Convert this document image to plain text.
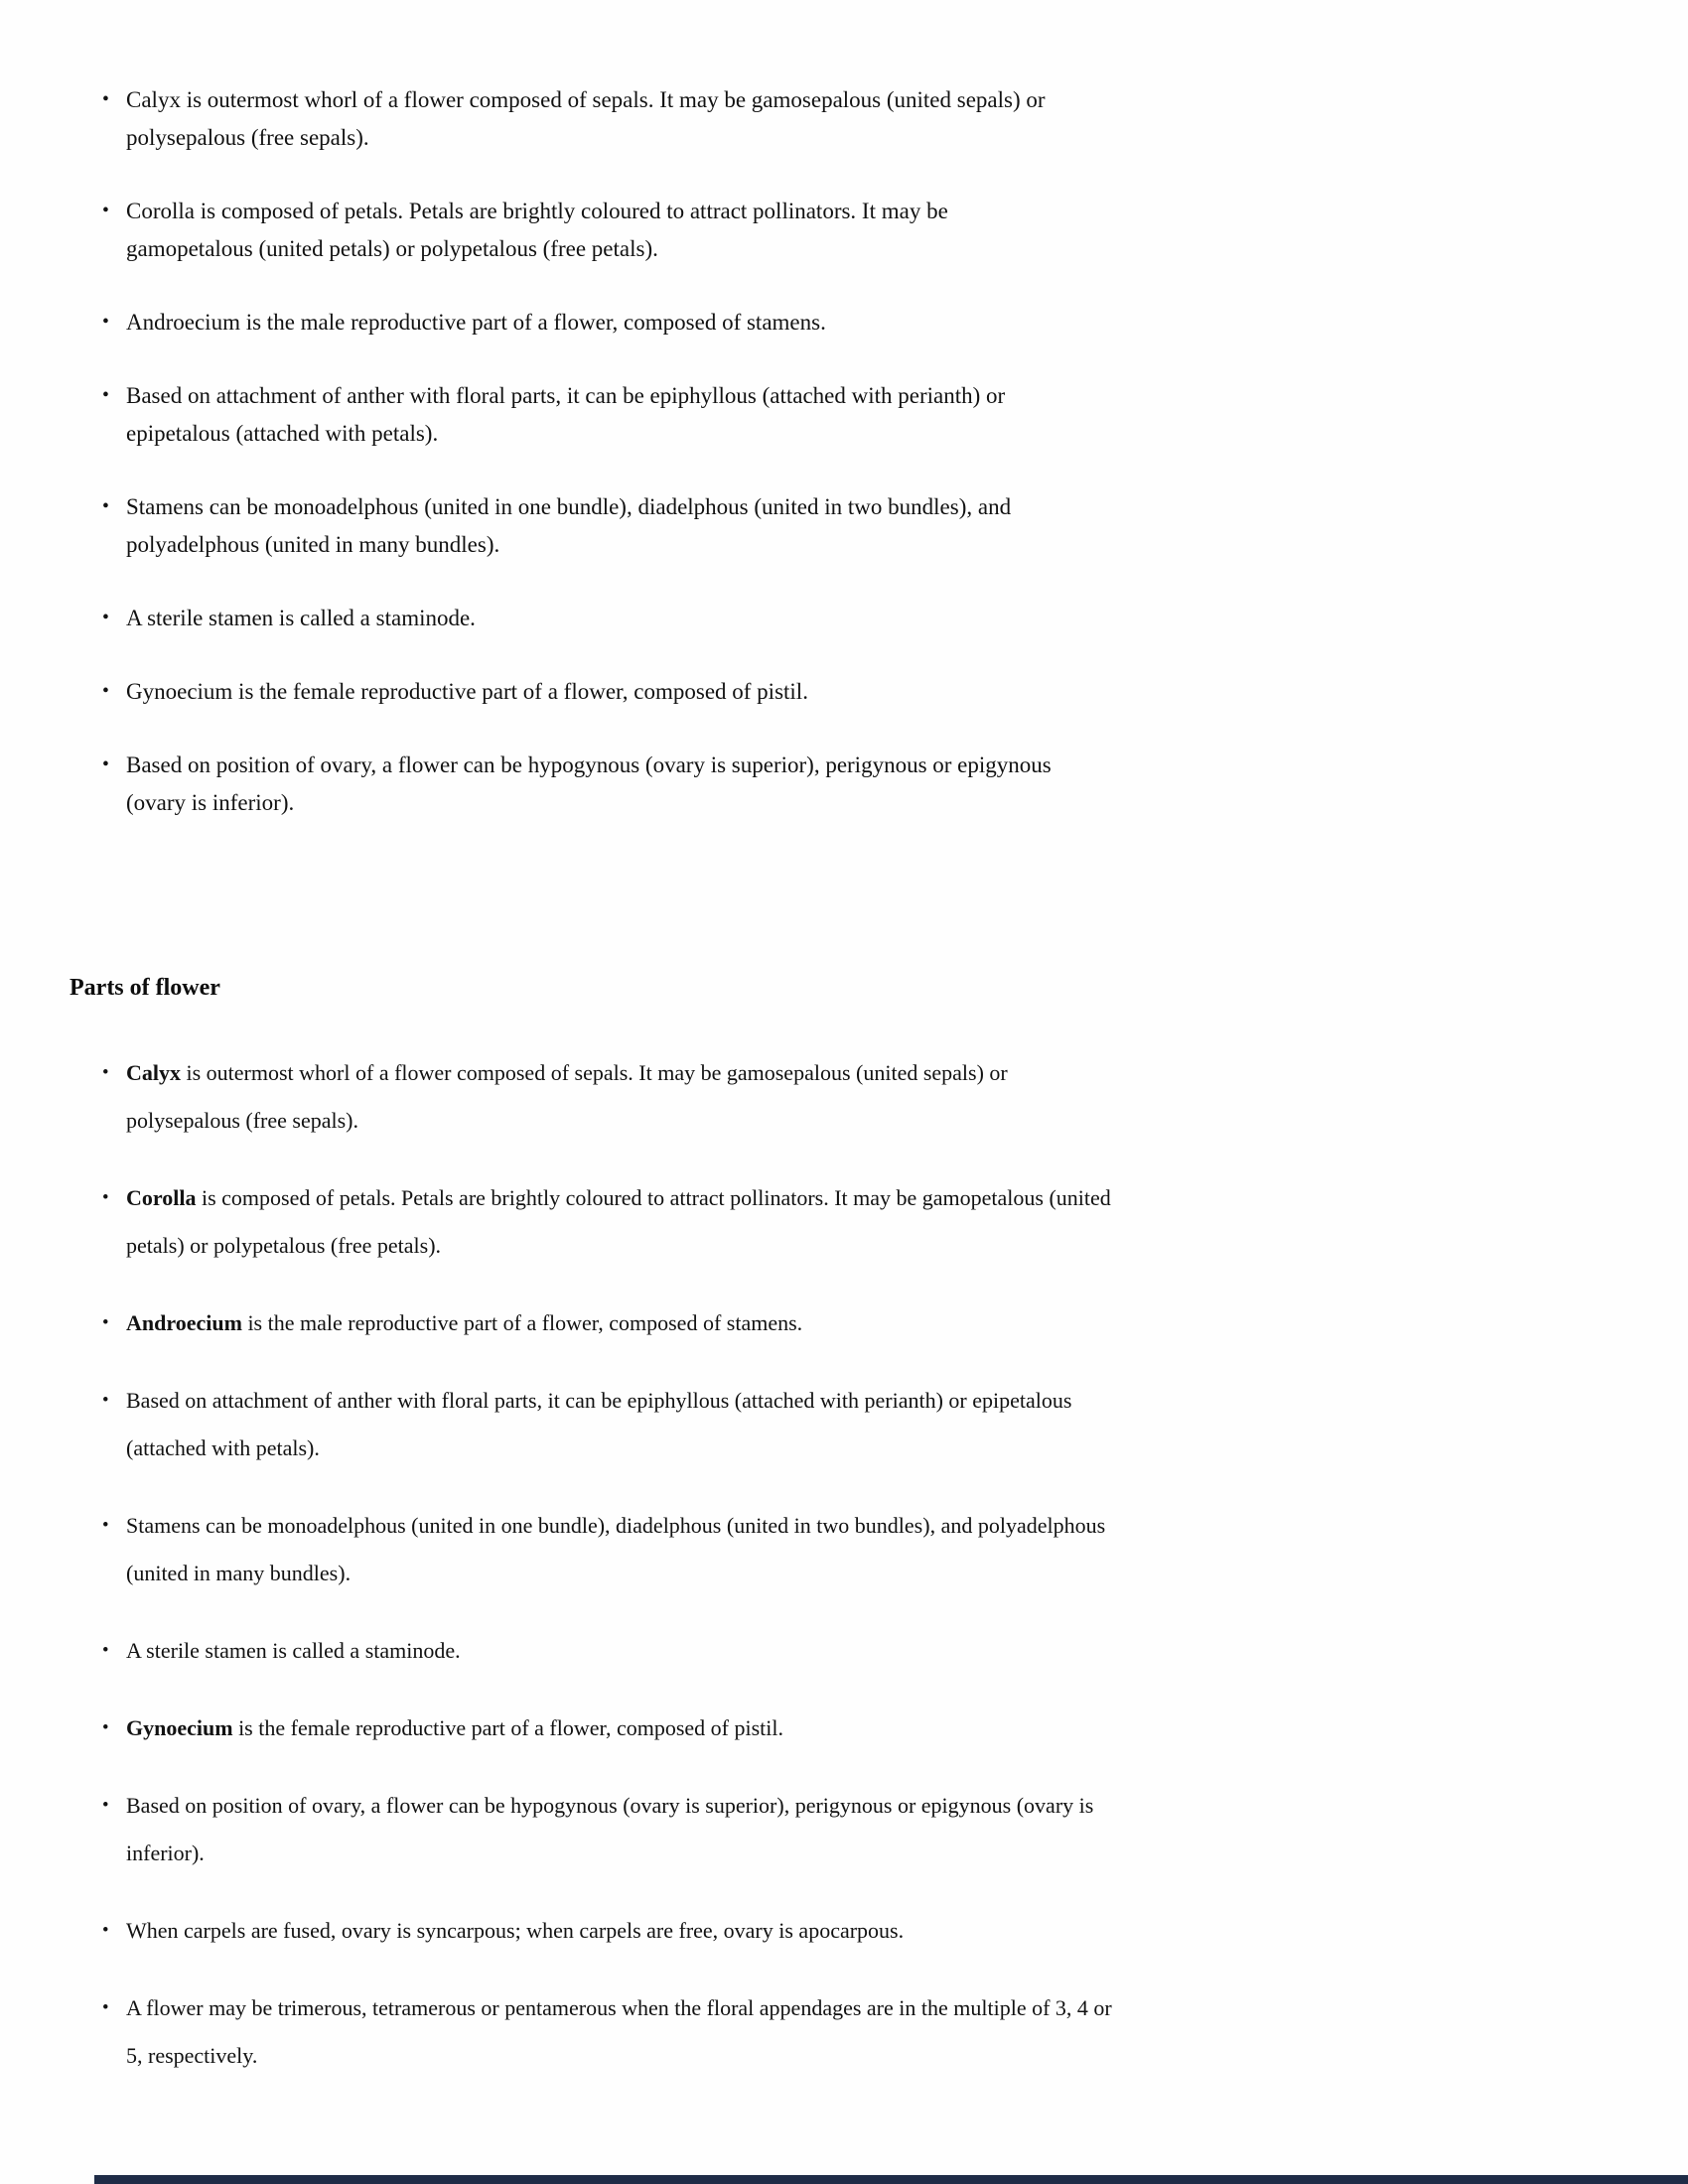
• Calyx is outermost whorl of a flower composed of sepals. It may be gamosepalous (united sepals) or
polysepalous (free sepals).
• Corolla is composed of petals. Petals are brightly coloured to attract pollinators. It may be
gamopetalous (united petals) or polypetalous (free petals).
• Androecium is the male reproductive part of a flower, composed of stamens.
• Based on attachment of anther with floral parts, it can be epiphyllous (attached with perianth) or
epipetalous (attached with petals).
• Stamens can be monoadelphous (united in one bundle), diadelphous (united in two bundles), and
polyadelphous (united in many bundles).
• A sterile stamen is called a staminode.
• Gynoecium is the female reproductive part of a flower, composed of pistil.
• Based on position of ovary, a flower can be hypogynous (ovary is superior), perigynous or epigynous
(ovary is inferior).
Parts of flower
• Calyx is outermost whorl of a flower composed of sepals. It may be gamosepalous (united sepals) or
polysepalous (free sepals).
• Corolla is composed of petals. Petals are brightly coloured to attract pollinators. It may be gamopetalous (united
petals) or polypetalous (free petals).
• Androecium is the male reproductive part of a flower, composed of stamens.
• Based on attachment of anther with floral parts, it can be epiphyllous (attached with perianth) or epipetalous
(attached with petals).
• Stamens can be monoadelphous (united in one bundle), diadelphous (united in two bundles), and polyadelphous
(united in many bundles).
• A sterile stamen is called a staminode.
• Gynoecium is the female reproductive part of a flower, composed of pistil.
• Based on position of ovary, a flower can be hypogynous (ovary is superior), perigynous or epigynous (ovary is
inferior).
• When carpels are fused, ovary is syncarpous; when carpels are free, ovary is apocarpous.
• A flower may be trimerous, tetramerous or pentamerous when the floral appendages are in the multiple of 3, 4 or
5, respectively.
